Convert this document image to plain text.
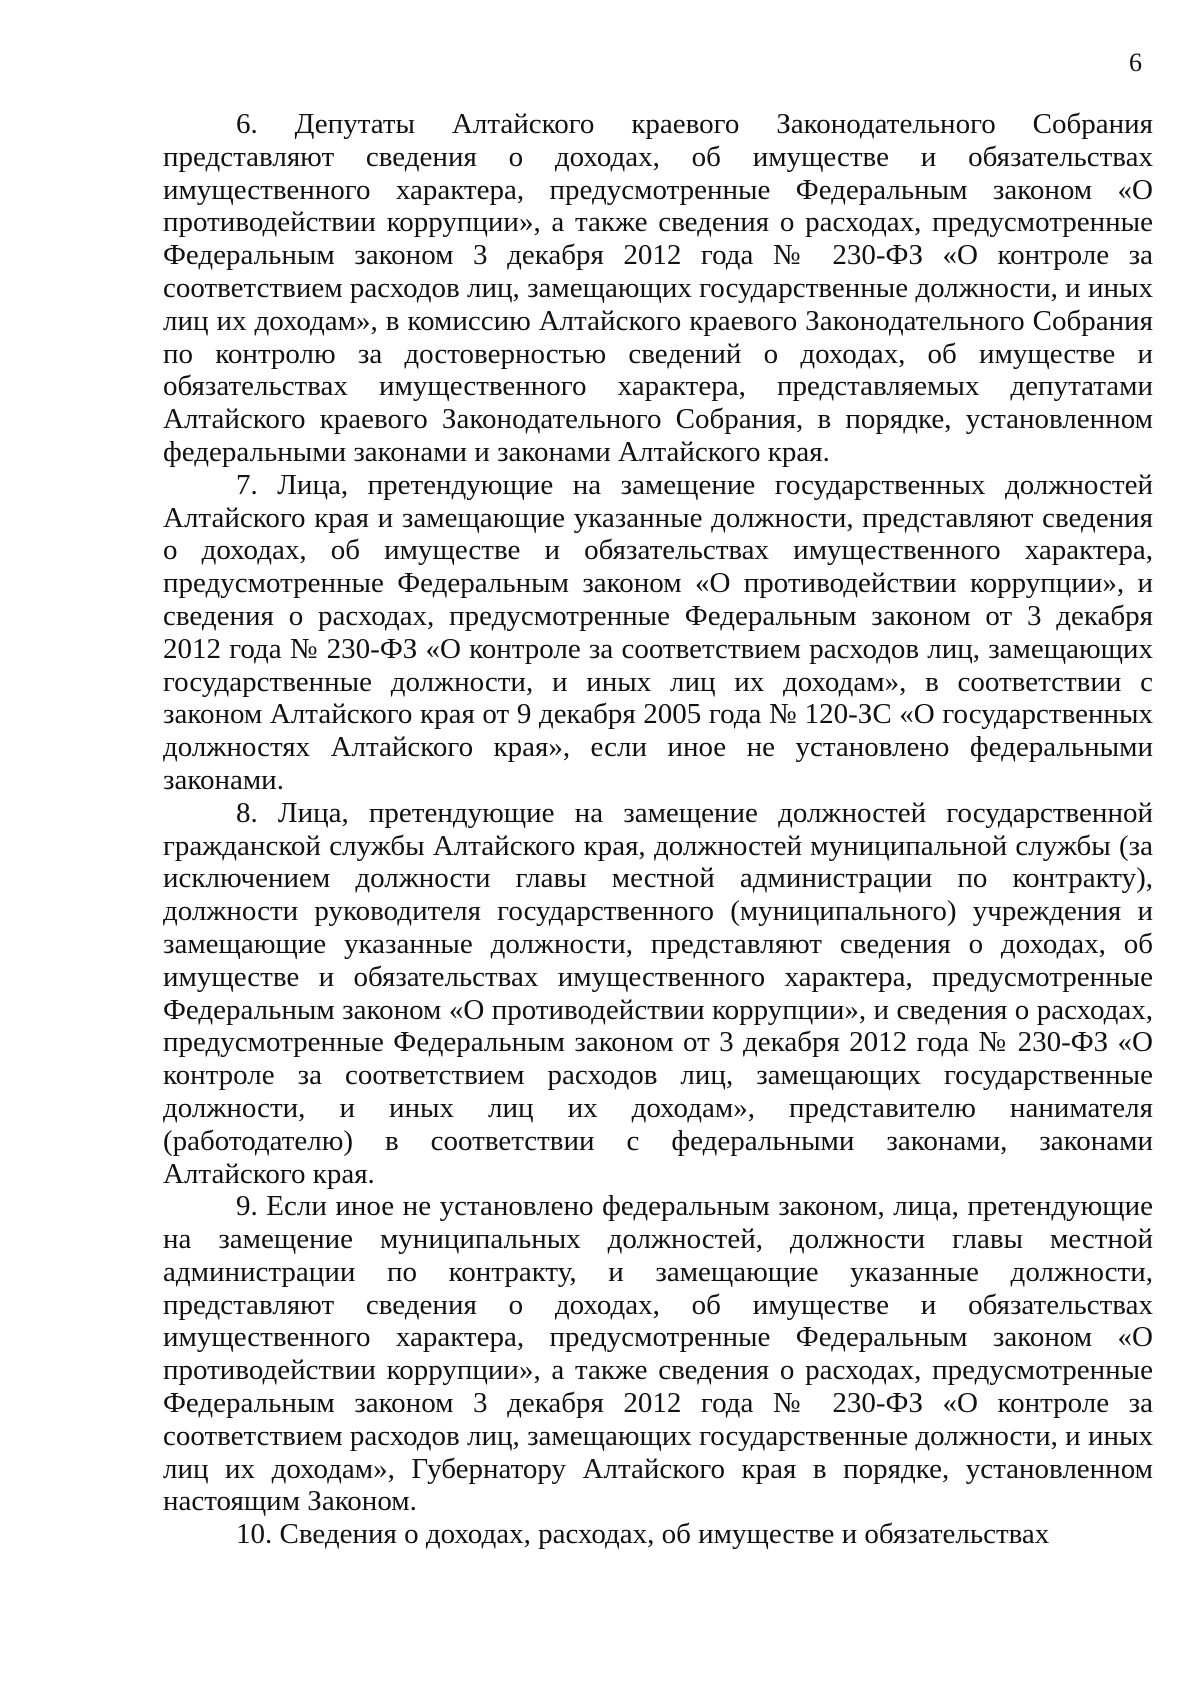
6

6. Депутаты Алтайского краевого Законодательного Собрания представляют сведения о доходах, об имуществе и обязательствах имущественного характера, предусмотренные Федеральным законом «О противодействии коррупции», а также сведения о расходах, предусмотренные Федеральным законом 3 декабря 2012 года № 230-ФЗ «О контроле за соответствием расходов лиц, замещающих государственные должности, и иных лиц их доходам», в комиссию Алтайского краевого Законодательного Собрания по контролю за достоверностью сведений о доходах, об имуществе и обязательствах имущественного характера, представляемых депутатами Алтайского краевого Законодательного Собрания, в порядке, установленном федеральными законами и законами Алтайского края.

7. Лица, претендующие на замещение государственных должностей Алтайского края и замещающие указанные должности, представляют сведения о доходах, об имуществе и обязательствах имущественного характера, предусмотренные Федеральным законом «О противодействии коррупции», и сведения о расходах, предусмотренные Федеральным законом от 3 декабря 2012 года № 230-ФЗ «О контроле за соответствием расходов лиц, замещающих государственные должности, и иных лиц их доходам», в соответствии с законом Алтайского края от 9 декабря 2005 года № 120-ЗС «О государственных должностях Алтайского края», если иное не установлено федеральными законами.

8. Лица, претендующие на замещение должностей государственной гражданской службы Алтайского края, должностей муниципальной службы (за исключением должности главы местной администрации по контракту), должности руководителя государственного (муниципального) учреждения и замещающие указанные должности, представляют сведения о доходах, об имуществе и обязательствах имущественного характера, предусмотренные Федеральным законом «О противодействии коррупции», и сведения о расходах, предусмотренные Федеральным законом от 3 декабря 2012 года № 230-ФЗ «О контроле за соответствием расходов лиц, замещающих государственные должности, и иных лиц их доходам», представителю нанимателя (работодателю) в соответствии с федеральными законами, законами Алтайского края.

9. Если иное не установлено федеральным законом, лица, претендующие на замещение муниципальных должностей, должности главы местной администрации по контракту, и замещающие указанные должности, представляют сведения о доходах, об имуществе и обязательствах имущественного характера, предусмотренные Федеральным законом «О противодействии коррупции», а также сведения о расходах, предусмотренные Федеральным законом 3 декабря 2012 года № 230-ФЗ «О контроле за соответствием расходов лиц, замещающих государственные должности, и иных лиц их доходам», Губернатору Алтайского края в порядке, установленном настоящим Законом.

10. Сведения о доходах, расходах, об имуществе и обязательствах
